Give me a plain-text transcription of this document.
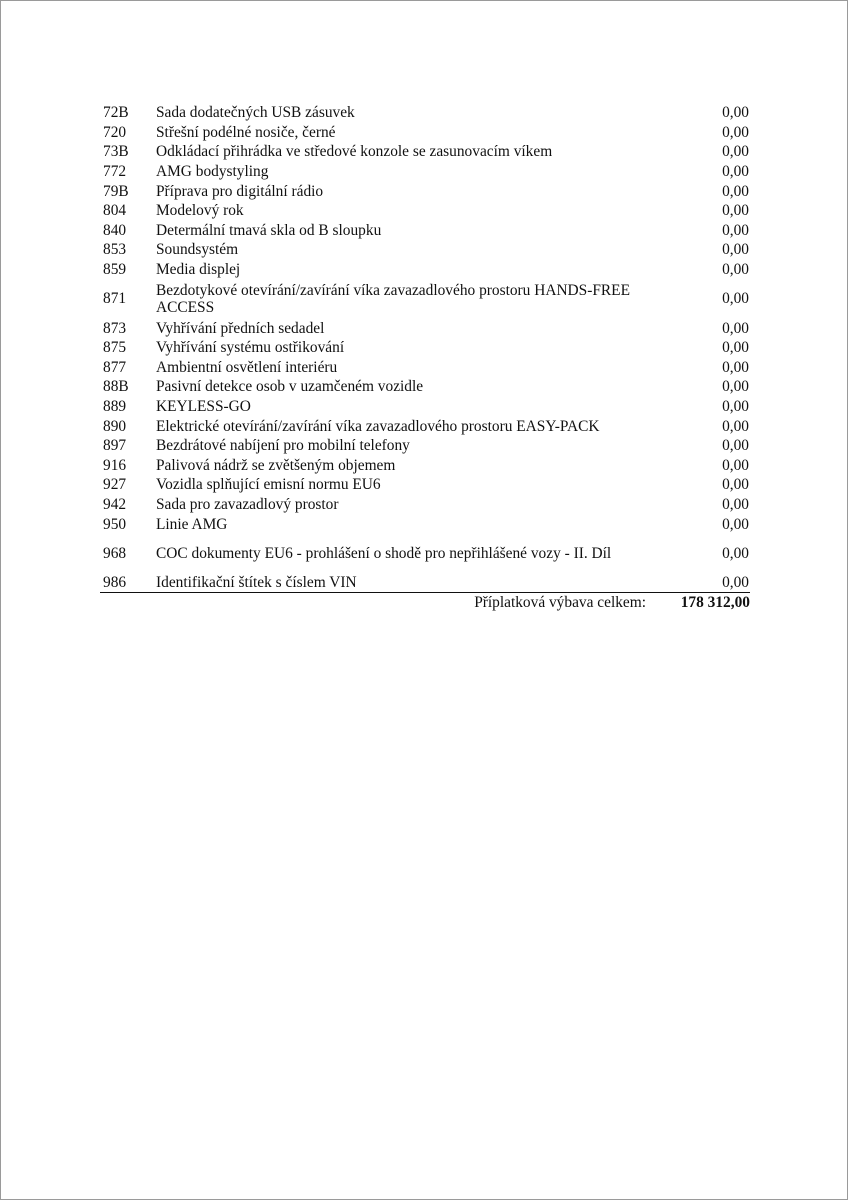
72B	Sada dodatečných USB zásuvek	0,00
720	Střešní podélné nosiče, černé	0,00
73B	Odkládací přihrádka ve středové konzole se zasunovacím víkem	0,00
772	AMG bodystyling	0,00
79B	Příprava pro digitální rádio	0,00
804	Modelový rok	0,00
840	Determální tmavá skla od B sloupku	0,00
853	Soundsystém	0,00
859	Media displej	0,00
871	Bezdotykové otevírání/zavírání víka zavazadlového prostoru HANDS-FREE ACCESS	0,00
873	Vyhřívání předních sedadel	0,00
875	Vyhřívání systému ostřikování	0,00
877	Ambientní osvětlení interiéru	0,00
88B	Pasivní detekce osob v uzamčeném vozidle	0,00
889	KEYLESS-GO	0,00
890	Elektrické otevírání/zavírání víka zavazadlového prostoru EASY-PACK	0,00
897	Bezdrátové nabíjení pro mobilní telefony	0,00
916	Palivová nádrž se zvětšeným objemem	0,00
927	Vozidla splňující emisní normu EU6	0,00
942	Sada pro zavazadlový prostor	0,00
950	Linie AMG	0,00
968	COC dokumenty EU6 - prohlášení o shodě pro nepřihlášené vozy - II. Díl	0,00
986	Identifikační štítek s číslem VIN	0,00
Příplatková výbava celkem:		178 312,00
